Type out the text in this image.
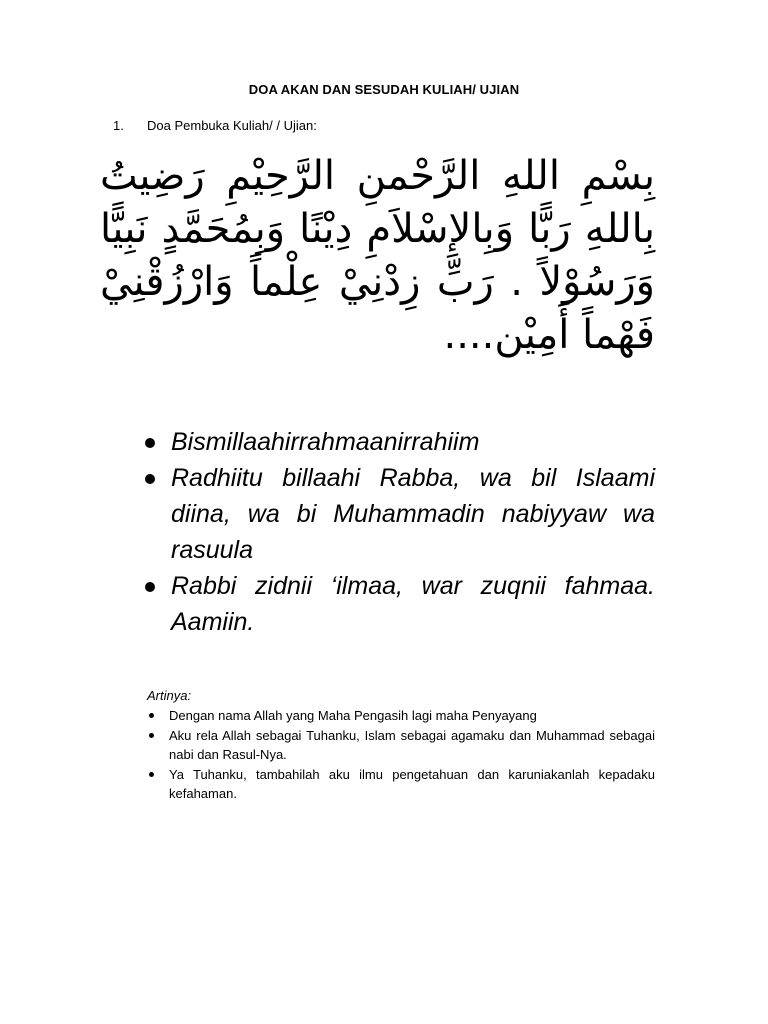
DOA AKAN DAN SESUDAH KULIAH/ UJIAN
1. Doa Pembuka Kuliah/ / Ujian:
بِسْمِ اللهِ الرَّحْمنِ الرَّحِيْمِ رَضِيتُ بِاللهِ رَبًّا وَبِالإِسْلاَمِ دِيْنًا وَبِمُحَمَّدٍ نَبِيًّا وَرَسُوْلاً . رَبِّ زِدْنِيْ عِلْماً وَارْزُقْنِيْ فَهْماً أَمِيْن....
Bismillaahirrahmaanirrahiim
Radhiitu billaahi Rabba, wa bil Islaami diina, wa bi Muhammadin nabiyyaw wa rasuula
Rabbi zidnii ‘ilmaa, war zuqnii fahmaa. Aamiin.
Artinya:
Dengan nama Allah yang Maha Pengasih lagi maha Penyayang
Aku rela Allah sebagai Tuhanku, Islam sebagai agamaku dan Muhammad sebagai nabi dan Rasul-Nya.
Ya Tuhanku, tambahilah aku ilmu pengetahuan dan karuniakanlah kepadaku kefahaman.
